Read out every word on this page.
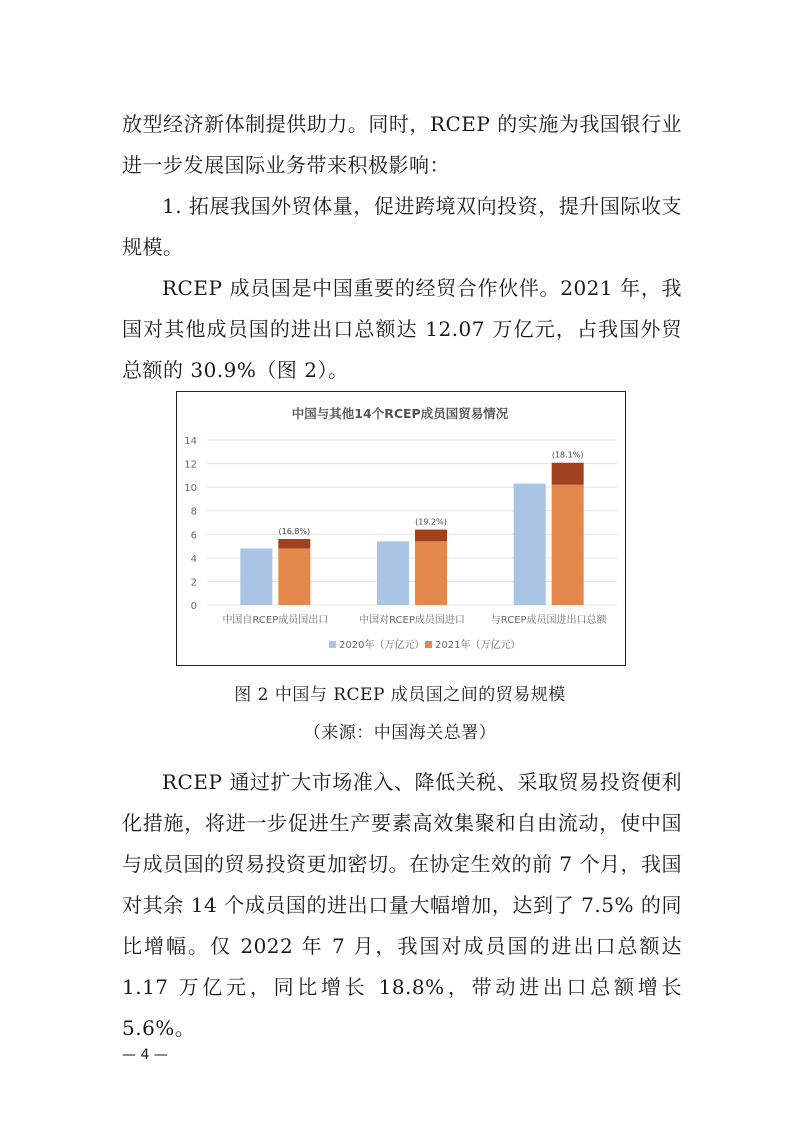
放型经济新体制提供助力。同时，RCEP 的实施为我国银行业进一步发展国际业务带来积极影响：

1. 拓展我国外贸体量，促进跨境双向投资，提升国际收支规模。

RCEP 成员国是中国重要的经贸合作伙伴。2021 年，我国对其他成员国的进出口总额达 12.07 万亿元，占我国外贸总额的 30.9%（图 2）。

中国与其他14个RCEP成员国贸易情况
0
2
4
6
8
10
12
14
(16.8%)
(19.2%)
(18.1%)
中国自RCEP成员国出口	中国对RCEP成员国进口	与RCEP成员国进出口总额
2020年（万亿元） 2021年（万亿元）

图 2 中国与 RCEP 成员国之间的贸易规模

（来源：中国海关总署）

RCEP 通过扩大市场准入、降低关税、采取贸易投资便利化措施，将进一步促进生产要素高效集聚和自由流动，使中国与成员国的贸易投资更加密切。在协定生效的前 7 个月，我国对其余 14 个成员国的进出口量大幅增加，达到了 7.5% 的同比增幅。仅 2022 年 7 月，我国对成员国的进出口总额达 1.17 万亿元，同比增长 18.8%，带动进出口总额增长 5.6%。

— 4 —
